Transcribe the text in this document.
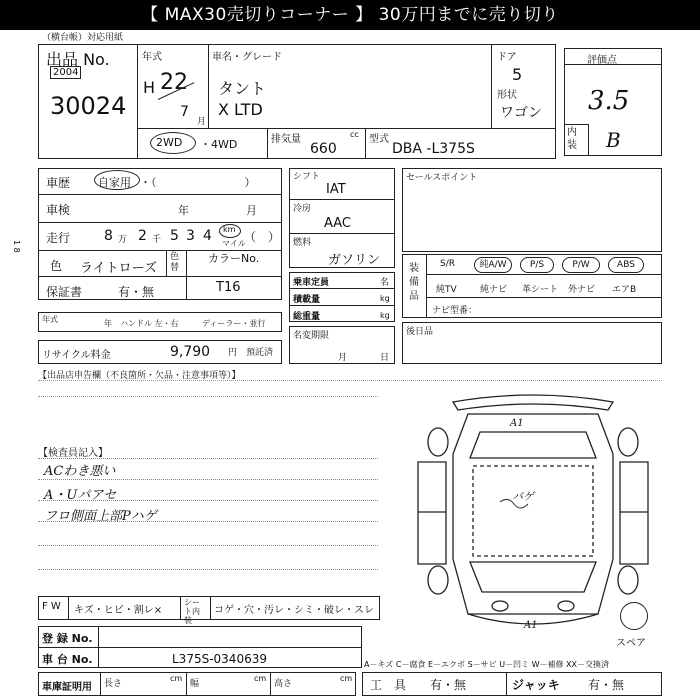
【 MAX30売切りコーナー 】 30万円までに売り切り
（横台帳）対応用紙
1 8
出品 No.
2004
30024
年式
H 22
7
月
車名・グレード
タント
X LTD
ドア
5
形状
ワゴン
2WD ・4WD	排気量	cc
660
型式
DBA -L375S
評価点
3.5
内装 B
車歴	自家用 ・（　　　　　　　　）
車検	年	月
走行 8 万 2 千 5 3 4 km
マイル
（　）
色 ライトローズ
色替
保証書	有・無
カラーNo.
T16
年式	年 ハンドル 左・右	ディーラー・並行
リサイクル料金	9,790 円 預託済
シフト
IAT
冷房
AAC
燃料
ガソリン
乗車定員	名
積載量	kg
総重量	kg
名変期限
月	日
セールスポイント
装備品
S/R	純A/W	P/S	P/W	ABS
純TV	純ナビ 革シート 外ナビ エアB
ナビ型番：
後日品
【出品店申告欄（不良箇所・欠品・注意事項等）】
【検査員記入】
ACわき悪い
A・Uパアセ
フロ側面上部Pハゲ
A1
バゲ
A1
スペア
F W キズ・ヒビ・割レ×
シート内装
コゲ・穴・汚レ・シミ・破レ・スレ
登 録 No.
車 台 No.	L375S-0340639	A－キズ C－腐食 E－エクボ S－サビ U－凹ミ W－補修 XX－交換済
車庫証明用 長さ
cm
幅
cm
高さ
cm 工　具 有・無	ジャッキ 有・無
